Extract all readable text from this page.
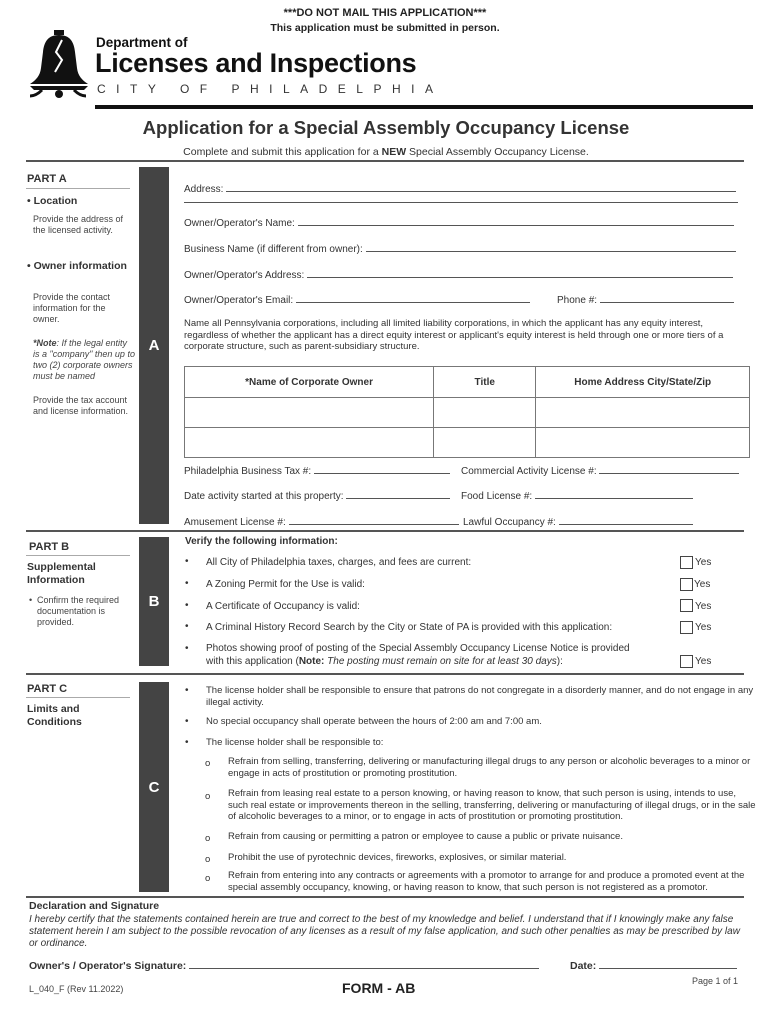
***DO NOT MAIL THIS APPLICATION***
This application must be submitted in person.
Department of
Licenses and Inspections
CITY OF PHILADELPHIA
Application for a Special Assembly Occupancy License
Complete and submit this application for a NEW Special Assembly Occupancy License.
PART A
• Location
Provide the address of the licensed activity.
• Owner information
Provide the contact information for the owner.
*Note: If the legal entity is a "company" then up to two (2) corporate owners must be named
Provide the tax account and license information.
A
Address:
Owner/Operator's Name:
Business Name (if different from owner):
Owner/Operator's Address:
Owner/Operator's Email:	Phone #:
Name all Pennsylvania corporations, including all limited liability corporations, in which the applicant has any equity interest, regardless of whether the applicant has a direct equity interest or applicant's equity interest is held through one or more tiers of a corporate structure, such as parent-subsidiary structure.
*Name of Corporate Owner	Title	Home Address City/State/Zip

Philadelphia Business Tax #:	Commercial Activity License #:
Date activity started at this property:	Food License #:
Amusement License #:	Lawful Occupancy #:
PART B
Supplemental Information
• Confirm the required documentation is provided.
B
Verify the following information:
• All City of Philadelphia taxes, charges, and fees are current:	Yes
• A Zoning Permit for the Use is valid:	Yes
• A Certificate of Occupancy is valid:	Yes
• A Criminal History Record Search by the City or State of PA is provided with this application:	Yes
• Photos showing proof of posting of the Special Assembly Occupancy License Notice is provided
with this application (Note: The posting must remain on site for at least 30 days):	Yes
PART C
Limits and Conditions
C
• The license holder shall be responsible to ensure that patrons do not congregate in a disorderly manner, and do not engage in any illegal activity.
• No special occupancy shall operate between the hours of 2:00 am and 7:00 am.
• The license holder shall be responsible to:
o Refrain from selling, transferring, delivering or manufacturing illegal drugs to any person or alcoholic beverages to a minor or engage in acts of prostitution or promoting prostitution.
o Refrain from leasing real estate to a person knowing, or having reason to know, that such person is using, intends to use, such real estate or improvements thereon in the selling, transferring, delivering or manufacturing of illegal drugs, or in the sale of alcoholic beverages to a minor, or to engage in acts of prostitution or promoting prostitution.
o Refrain from causing or permitting a patron or employee to cause a public or private nuisance.
o Prohibit the use of pyrotechnic devices, fireworks, explosives, or similar material.
o Refrain from entering into any contracts or agreements with a promotor to arrange for and produce a promoted event at the special assembly occupancy, knowing, or having reason to know, that such person is not registered as a promotor.
Declaration and Signature
I hereby certify that the statements contained herein are true and correct to the best of my knowledge and belief. I understand that if I knowingly make any false statement herein I am subject to the possible revocation of any licenses as a result of my false application, and such other penalties as may be prescribed by law or ordinance.
Owner's / Operator's Signature:	Date:
L_040_F (Rev 11.2022)	FORM - AB	Page 1 of 1
